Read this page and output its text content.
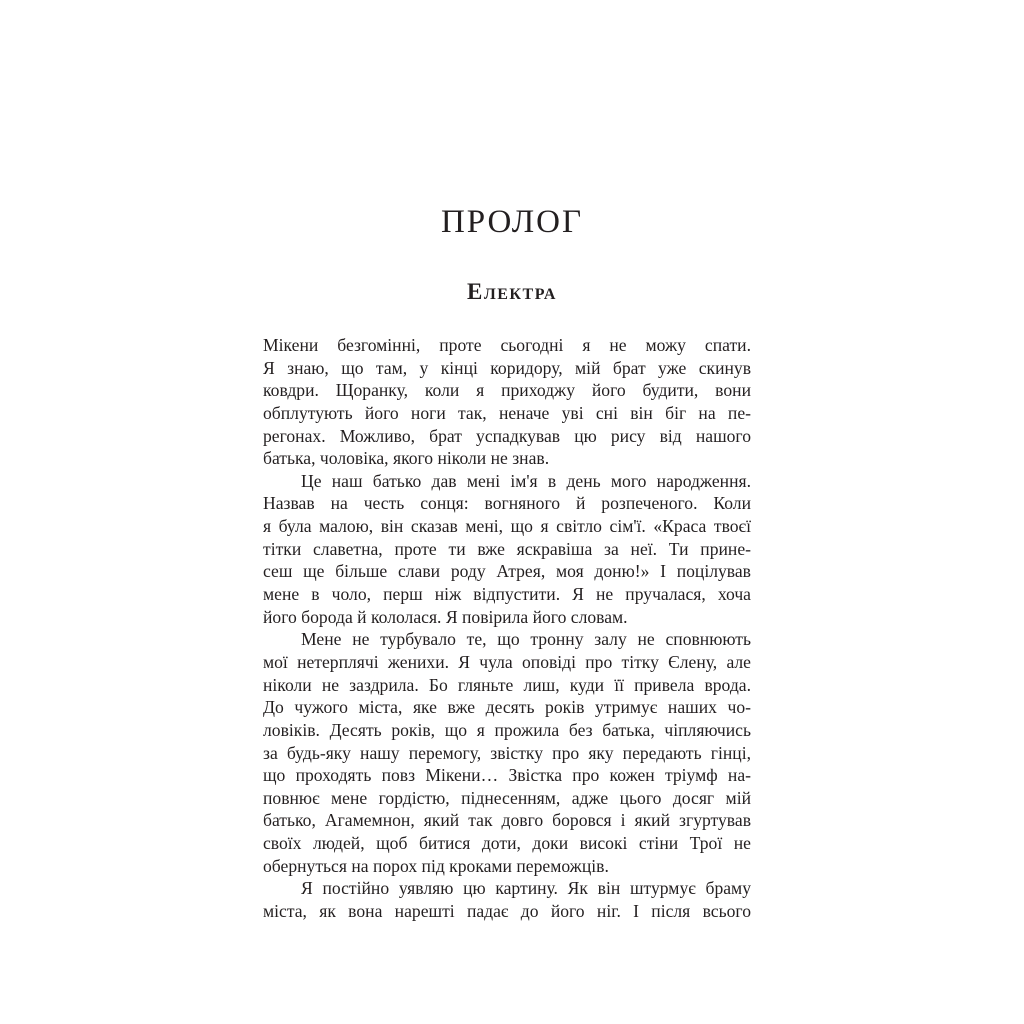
ПРОЛОГ
Електра
Мікени безгомінні, проте сьогодні я не можу спати.
Я знаю, що там, у кінці коридору, мій брат уже скинув
ковдри. Щоранку, коли я приходжу його будити, вони
обплутують його ноги так, неначе уві сні він біг на пе-
регонах. Можливо, брат успадкував цю рису від нашого
батька, чоловіка, якого ніколи не знав.
Це наш батько дав мені ім'я в день мого народження.
Назвав на честь сонця: вогняного й розпеченого. Коли
я була малою, він сказав мені, що я світло сім'ї. «Краса твоєї
тітки славетна, проте ти вже яскравіша за неї. Ти прине-
сеш ще більше слави роду Атрея, моя доню!» І поцілував
мене в чоло, перш ніж відпустити. Я не пручалася, хоча
його борода й кололася. Я повірила його словам.
Мене не турбувало те, що тронну залу не сповнюють
мої нетерплячі женихи. Я чула оповіді про тітку Єлену, але
ніколи не заздрила. Бо гляньте лиш, куди її привела врода.
До чужого міста, яке вже десять років утримує наших чо-
ловіків. Десять років, що я прожила без батька, чіпляючись
за будь-яку нашу перемогу, звістку про яку передають гінці,
що проходять повз Мікени… Звістка про кожен тріумф на-
повнює мене гордістю, піднесенням, адже цього досяг мій
батько, Агамемнон, який так довго боровся і який згуртував
своїх людей, щоб битися доти, доки високі стіни Трої не
обернуться на порох під кроками переможців.
Я постійно уявляю цю картину. Як він штурмує браму
міста, як вона нарешті падає до його ніг. І після всього
